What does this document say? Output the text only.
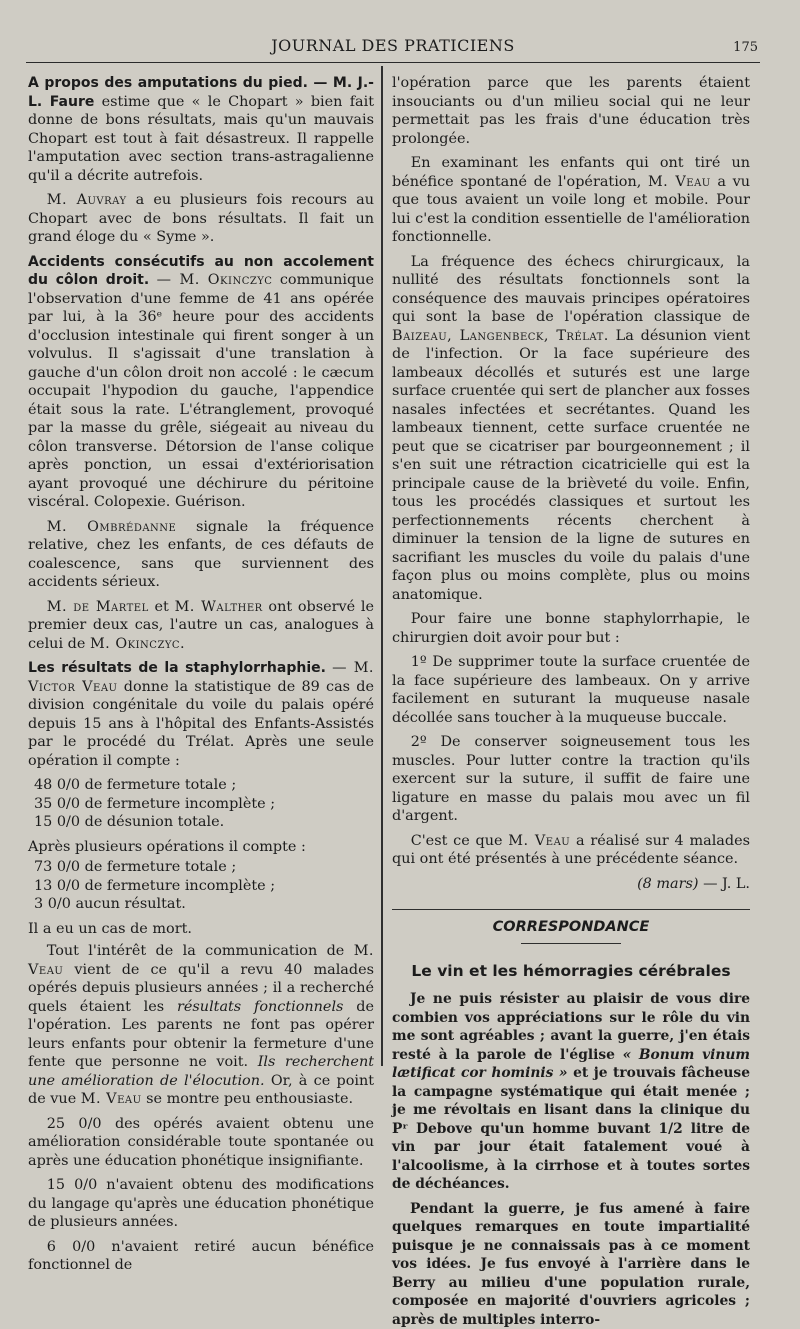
JOURNAL DES PRATICIENS	175

A propos des amputations du pied. — M. J.-L. Faure estime que « le Chopart » bien fait donne de bons résultats, mais qu'un mauvais Chopart est tout à fait désastreux. Il rappelle l'amputation avec section trans-astragalienne qu'il a décrite autrefois.

M. Auvray a eu plusieurs fois recours au Chopart avec de bons résultats. Il fait un grand éloge du « Syme ».

Accidents consécutifs au non accolement du côlon droit. — M. Okinczyc communique l'observation d'une femme de 41 ans opérée par lui, à la 36ᵉ heure pour des accidents d'occlusion intestinale qui firent songer à un volvulus. Il s'agissait d'une translation à gauche d'un côlon droit non accolé : le cæcum occupait l'hypodion du gauche, l'appendice était sous la rate. L'étranglement, provoqué par la masse du grêle, siégeait au niveau du côlon transverse. Détorsion de l'anse colique après ponction, un essai d'extériorisation ayant provoqué une déchirure du péritoine viscéral. Colopexie. Guérison.

M. Ombrédanne signale la fréquence relative, chez les enfants, de ces défauts de coalescence, sans que surviennent des accidents sérieux.

M. de Martel et M. Walther ont observé le premier deux cas, l'autre un cas, analogues à celui de M. Okinczyc.

Les résultats de la staphylorrhaphie. — M. Victor Veau donne la statistique de 89 cas de division congénitale du voile du palais opéré depuis 15 ans à l'hôpital des Enfants-Assistés par le procédé du Trélat. Après une seule opération il compte :

48 0/0 de fermeture totale ;
35 0/0 de fermeture incomplète ;
15 0/0 de désunion totale.
Après plusieurs opérations il compte :
73 0/0 de fermeture totale ;
13 0/0 de fermeture incomplète ;
3 0/0 aucun résultat.
Il a eu un cas de mort.

Tout l'intérêt de la communication de M. Veau vient de ce qu'il a revu 40 malades opérés depuis plusieurs années ; il a recherché quels étaient les résultats fonctionnels de l'opération. Les parents ne font pas opérer leurs enfants pour obtenir la fermeture d'une fente que personne ne voit. Ils recherchent une amélioration de l'élocution. Or, à ce point de vue M. Veau se montre peu enthousiaste.

25 0/0 des opérés avaient obtenu une amélioration considérable toute spontanée ou après une éducation phonétique insignifiante.

15 0/0 n'avaient obtenu des modifications du langage qu'après une éducation phonétique de plusieurs années.

6 0/0 n'avaient retiré aucun bénéfice fonctionnel de

l'opération parce que les parents étaient insouciants ou d'un milieu social qui ne leur permettait pas les frais d'une éducation très prolongée.

En examinant les enfants qui ont tiré un bénéfice spontané de l'opération, M. Veau a vu que tous avaient un voile long et mobile. Pour lui c'est la condition essentielle de l'amélioration fonctionnelle.

La fréquence des échecs chirurgicaux, la nullité des résultats fonctionnels sont la conséquence des mauvais principes opératoires qui sont la base de l'opération classique de Baizeau, Langenbeck, Trélat. La désunion vient de l'infection. Or la face supérieure des lambeaux décollés et suturés est une large surface cruentée qui sert de plancher aux fosses nasales infectées et secrétantes. Quand les lambeaux tiennent, cette surface cruentée ne peut que se cicatriser par bourgeonnement ; il s'en suit une rétraction cicatricielle qui est la principale cause de la brièveté du voile. Enfin, tous les procédés classiques et surtout les perfectionnements récents cherchent à diminuer la tension de la ligne de sutures en sacrifiant les muscles du voile du palais d'une façon plus ou moins complète, plus ou moins anatomique.

Pour faire une bonne staphylorrhapie, le chirurgien doit avoir pour but :

1º De supprimer toute la surface cruentée de la face supérieure des lambeaux. On y arrive facilement en suturant la muqueuse nasale décollée sans toucher à la muqueuse buccale.

2º De conserver soigneusement tous les muscles. Pour lutter contre la traction qu'ils exercent sur la suture, il suffit de faire une ligature en masse du palais mou avec un fil d'argent.

C'est ce que M. Veau a réalisé sur 4 malades qui ont été présentés à une précédente séance.

(8 mars) — J. L.
CORRESPONDANCE
Le vin et les hémorragies cérébrales

Je ne puis résister au plaisir de vous dire combien vos appréciations sur le rôle du vin me sont agréables ; avant la guerre, j'en étais resté à la parole de l'église « Bonum vinum lætificat cor hominis » et je trouvais fâcheuse la campagne systématique qui était menée ; je me révoltais en lisant dans la clinique du Pʳ Debove qu'un homme buvant 1/2 litre de vin par jour était fatalement voué à l'alcoolisme, à la cirrhose et à toutes sortes de déchéances.

Pendant la guerre, je fus amené à faire quelques remarques en toute impartialité puisque je ne connaissais pas à ce moment vos idées. Je fus envoyé à l'arrière dans le Berry au milieu d'une population rurale, composée en majorité d'ouvriers agricoles ; après de multiples interro-
